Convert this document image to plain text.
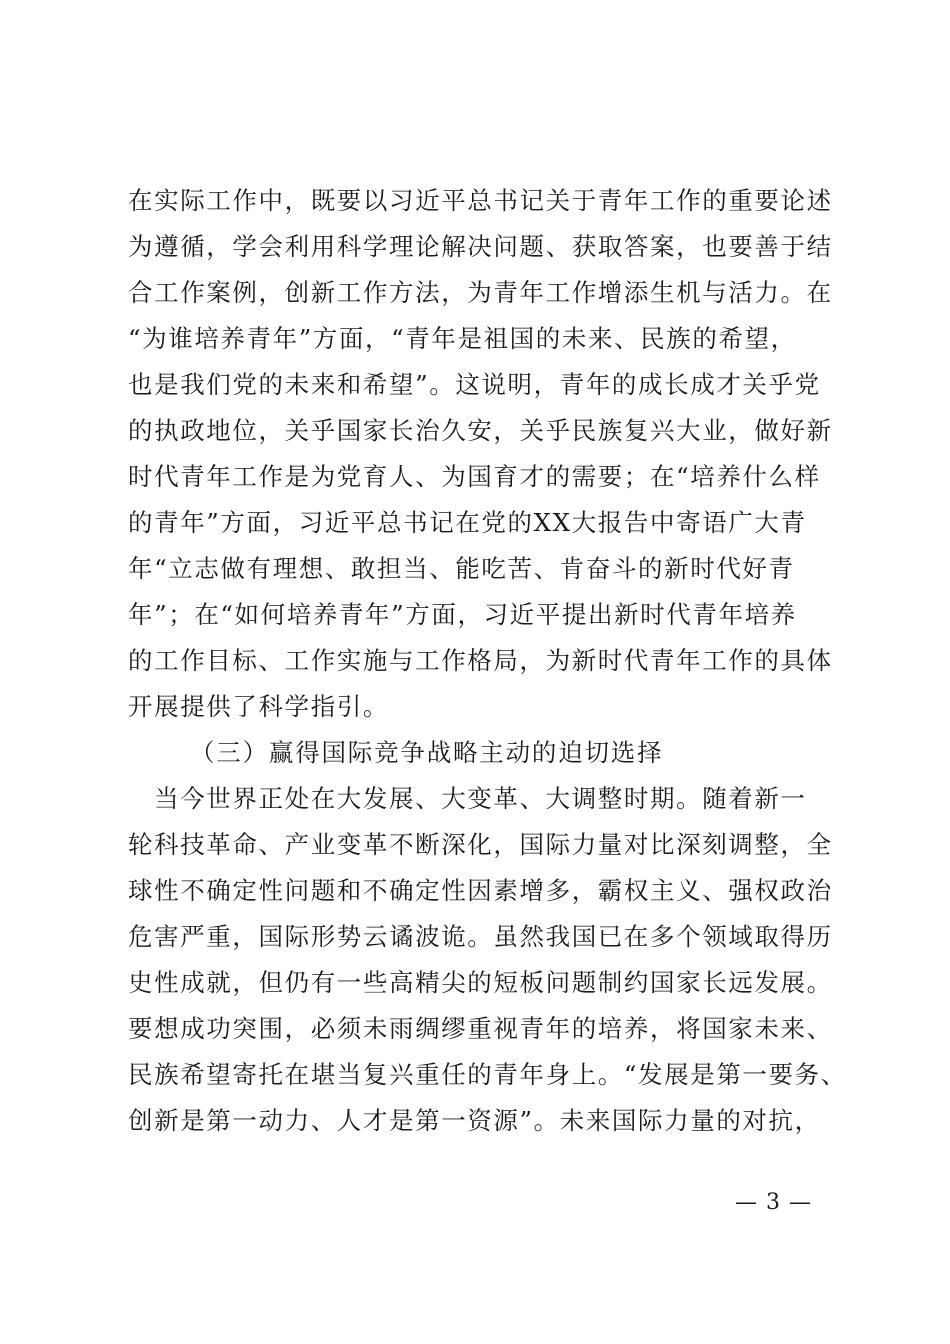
在实际工作中，既要以习近平总书记关于青年工作的重要论述
为遵循，学会利用科学理论解决问题、获取答案，也要善于结
合工作案例，创新工作方法，为青年工作增添生机与活力。在
“为谁培养青年”方面，“青年是祖国的未来、民族的希望，
也是我们党的未来和希望”。这说明，青年的成长成才关乎党
的执政地位，关乎国家长治久安，关乎民族复兴大业，做好新
时代青年工作是为党育人、为国育才的需要；在“培养什么样
的青年”方面，习近平总书记在党的XX大报告中寄语广大青
年“立志做有理想、敢担当、能吃苦、肯奋斗的新时代好青
年”；在“如何培养青年”方面，习近平提出新时代青年培养
的工作目标、工作实施与工作格局，为新时代青年工作的具体
开展提供了科学指引。
（三）赢得国际竞争战略主动的迫切选择
　当今世界正处在大发展、大变革、大调整时期。随着新一
轮科技革命、产业变革不断深化，国际力量对比深刻调整，全
球性不确定性问题和不确定性因素增多，霸权主义、强权政治
危害严重，国际形势云谲波诡。虽然我国已在多个领域取得历
史性成就，但仍有一些高精尖的短板问题制约国家长远发展。
要想成功突围，必须未雨绸缪重视青年的培养，将国家未来、
民族希望寄托在堪当复兴重任的青年身上。“发展是第一要务、
创新是第一动力、人才是第一资源”。未来国际力量的对抗，
— 3 —
